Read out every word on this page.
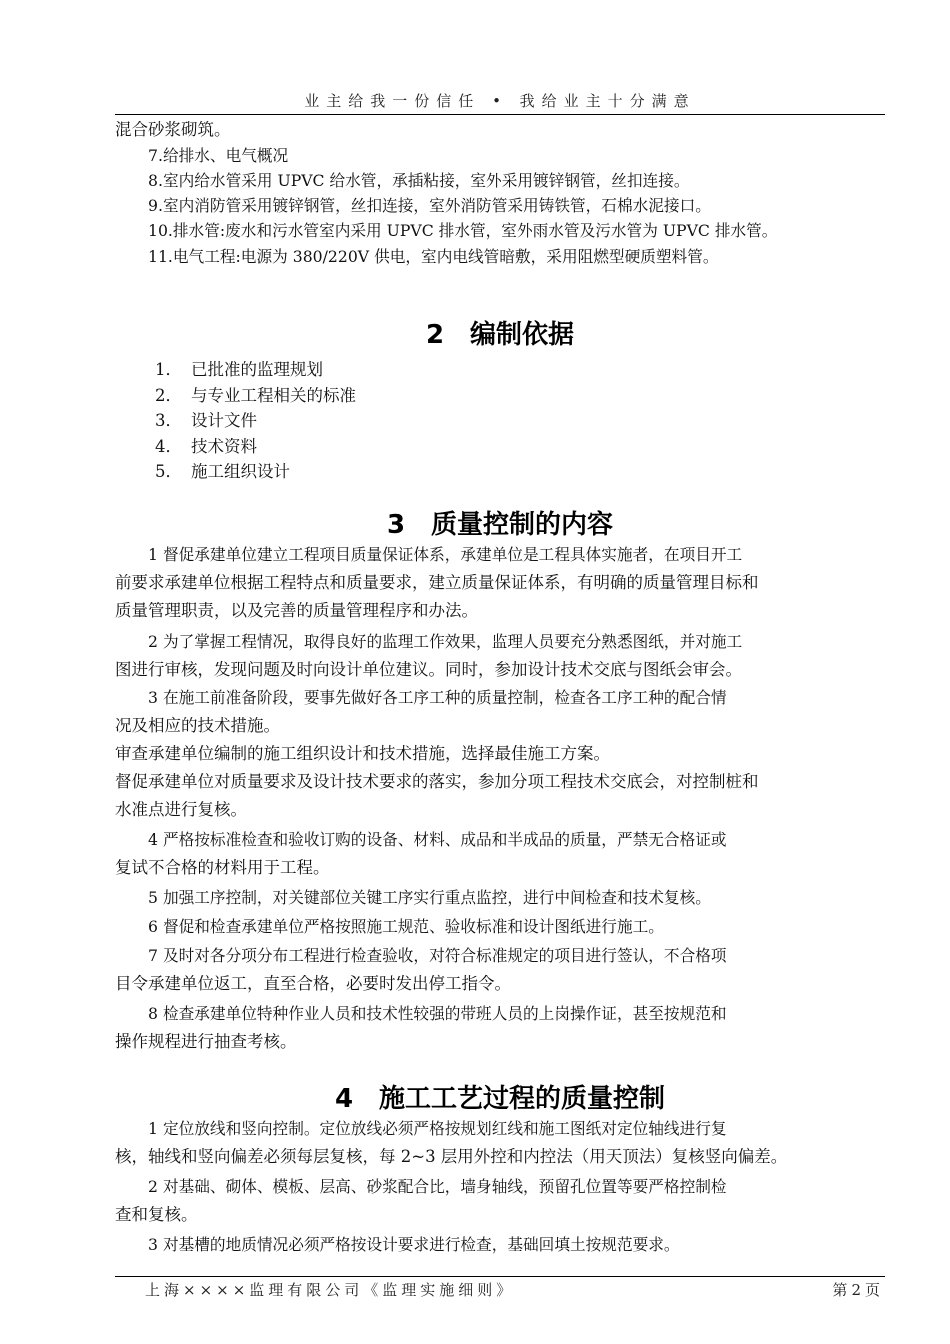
业主给我一份信任 • 我给业主十分满意
混合砂浆砌筑。
7.给排水、电气概况
8.室内给水管采用 UPVC 给水管，承插粘接，室外采用镀锌钢管，丝扣连接。
9.室内消防管采用镀锌钢管，丝扣连接，室外消防管采用铸铁管，石棉水泥接口。
10.排水管:废水和污水管室内采用 UPVC 排水管，室外雨水管及污水管为 UPVC 排水管。
11.电气工程:电源为 380/220V 供电，室内电线管暗敷，采用阻燃型硬质塑料管。
2　编制依据
1． 已批准的监理规划
2． 与专业工程相关的标准
3． 设计文件
4． 技术资料
5． 施工组织设计
3　质量控制的内容
1 督促承建单位建立工程项目质量保证体系，承建单位是工程具体实施者，在项目开工
前要求承建单位根据工程特点和质量要求，建立质量保证体系，有明确的质量管理目标和
质量管理职责，以及完善的质量管理程序和办法。
2 为了掌握工程情况，取得良好的监理工作效果，监理人员要充分熟悉图纸，并对施工
图进行审核，发现问题及时向设计单位建议。同时，参加设计技术交底与图纸会审会。
3 在施工前准备阶段，要事先做好各工序工种的质量控制，检查各工序工种的配合情
况及相应的技术措施。
审查承建单位编制的施工组织设计和技术措施，选择最佳施工方案。
督促承建单位对质量要求及设计技术要求的落实，参加分项工程技术交底会，对控制桩和
水准点进行复核。
4 严格按标准检查和验收订购的设备、材料、成品和半成品的质量，严禁无合格证或
复试不合格的材料用于工程。
5 加强工序控制，对关键部位关键工序实行重点监控，进行中间检查和技术复核。
6 督促和检查承建单位严格按照施工规范、验收标准和设计图纸进行施工。
7 及时对各分项分布工程进行检查验收，对符合标准规定的项目进行签认，不合格项
目令承建单位返工，直至合格，必要时发出停工指令。
8 检查承建单位特种作业人员和技术性较强的带班人员的上岗操作证，甚至按规范和
操作规程进行抽查考核。
4　施工工艺过程的质量控制
1 定位放线和竖向控制。定位放线必须严格按规划红线和施工图纸对定位轴线进行复
核，轴线和竖向偏差必须每层复核，每 2~3 层用外控和内控法（用天顶法）复核竖向偏差。
2 对基础、砌体、模板、层高、砂浆配合比，墙身轴线，预留孔位置等要严格控制检
查和复核。
3 对基槽的地质情况必须严格按设计要求进行检查，基础回填土按规范要求。
上海××××监理有限公司《监理实施细则》	第 2 页
